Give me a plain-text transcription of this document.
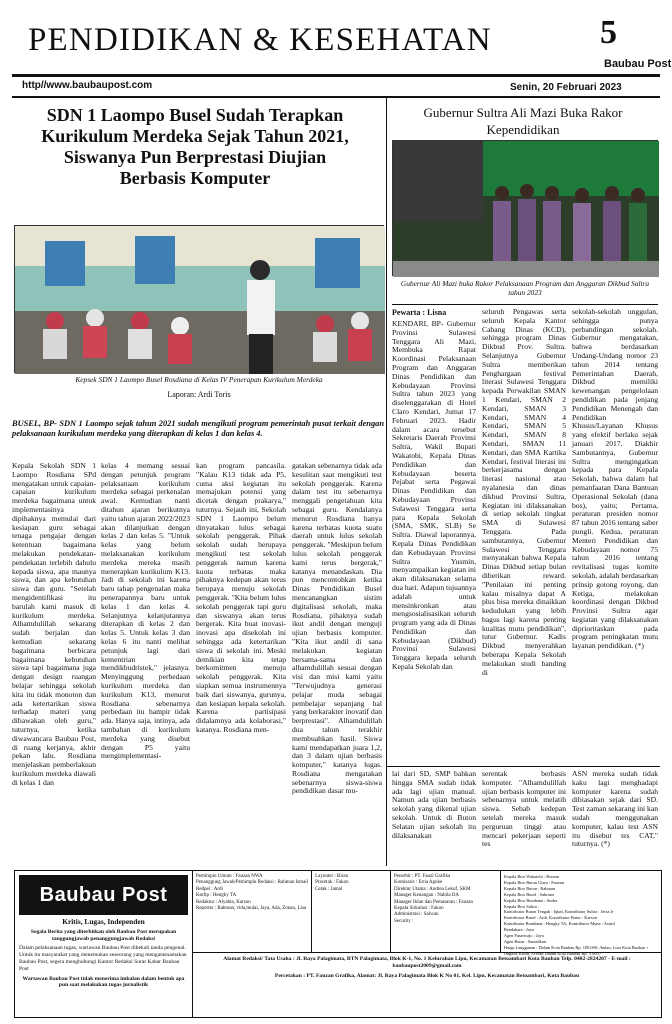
PENDIDIKAN & KESEHATAN	5
Baubau Post
http//www.baubaupost.com	Senin, 20 Februari 2023
SDN 1 Laompo Busel Sudah Terapkan Kurikulum Merdeka Sejak Tahun 2021, Siswanya Pun Berprestasi Diujian Berbasis Komputer
Kepsek SDN 1 Laompo Busel Rosdiana di Kelas IV Penerapan Kurikulum Merdeka
Laporan: Ardi Toris
BUSEL, BP- SDN 1 Laompo sejak tahun 2021 sudah mengikuti program pemerintah pusat terkait dengan pelaksanaan kurikulum merdeka yang diterapkan di kelas 1 dan kelas 4.
Kepala Sekolah SDN 1 Laompo Rosdiana SPd mengatakan untuk capaian-capaian kurikulum merdeka bagaimana untuk implementasinya dipihaknya memulai dari kesiapan guru sebagai tenaga pengajar dengan ketentuan bagaimana melakukan pendekatan-pendekatan terlebih dahulu kepada siswa, apa maunya siswa, dan apa kebutuhan siswa dan guru. "Setelah mengidentifikasi itu barulah kami masuk di kurikulum merdeka. Alhamdulillah sekarang sudah berjalan dan kemudian sekarang bagaimana berbicara bagaimana kebutuhan siswa tapi bagaimana juga dengan design ruangan belajar sehingga sekolah kita itu tidak monoton dan ada ketertarikan siswa terhadap materi yang dibawakan oleh guru," tuturnya, ketika diwawancara Baubau Post, di ruang kerjanya, akhir pekan lalu. Rosdiana menjelaskan pemberlakuan kurikulum merdeka diawali di kelas 1 dan
kelas 4 memang sesuai dengan petunjuk program pelaksanaan kurikulum merdeka sebagai perkenalan awal. Kemudian nanti ditahun ajaran berikutnya yaitu tahun ajaran 2022/2023 akan dilanjutkan dengan kelas 2 dan kelas 5. "Untuk kelas yang belum melaksanakan kurikulum merdeka mereka masih menerapkan kurikulum K13. Jadi di sekolah ini karena baru tahap pengenalan maka penerapannya baru untuk kelas 1 dan kelas 4. Selanjutnya kelanjutannya diterapkan di kelas 2 dan kelas 5. Untuk kelas 3 dan kelas 6 itu nanti melihat petunjuk lagi dari kementrian mendikbudristek," jelasnya. Menyinggung perbedaan kurikulum merdeka dan kurikulum K13, menurut Rosdiana sebenarnya perbedaan itu hampir tidak ada. Hanya saja, intinya, ada tambahan di kurikulum merdeka yang disebut dengan P5 yaitu mengimplementasi-
kan program pancasila. "Kalau K13 tidak ada P5, cuma aksi kegiatan itu memajukan potensi yang dicetak dengan prakarya," tuturnya. Sejauh ini, Sekolah SDN 1 Laompo belum dinyatakan lulus sebagai sekolah penggerak. Pihak sekolah sudah berupaya mengikuti test sekolah penggerak namun karena kuota terbatas maka pihaknya kedepan akan terus berupaya menuju sekolah penggerak. "Kita belum lulus sekolah penggerak tapi guru dan siswanya akan terus bergerak. Kita buat inovasi-inovasi apa disekolah ini sehingga ada ketertarikan siswa di sekolah ini. Meski demikian kita tetap berkomitmen menuju sekolah penggerak. Kita siapkan semua instrumennya baik dari siswanya, gurunya, dan kesiapan kepala sekolah. Karena partisipasi didalamnya ada kolaborasi," katanya. Rosdiana men-
gatakan sebenarnya tidak ada kesulitan saat mengikuti test sekolah penggerak. Karena dalam test itu sebenarnya menggali pengetahuan kita sebagai guru. Kendalanya menurut Rosdiana hanya karena terbatas kuota suatu daerah untuk lulus sekolah penggerak. "Meskipun belum lulus sekolah penggerak kami terus bergerak," katanya menandaskan. Dia pun mencontohkan ketika Dinas Pendidikan Busel mencanangkan sistim digitalisasi sekolah, maka Rosdiana, pihaknya sudah ikut andil dengan menguji ujian berbasis komputer. "Kita ikut andil di sana melakukan kegiatan bersama-sama dan alhamdulillah sesuai dengan visi dan misi kami yaitu "Terwujudnya generasi pelajar muda sebagai pembelajar sepanjang hal yang berkarakter inovatif dan berprestasi". Alhamdulillah dua tahun terakhir membuahkan hasil. Siswa kami mendapatkan juara 1,2, dan 3 dalam ujian berbasis komputer," katanya lugas. Rosdiana mengatakan sebenarnya siswa-siswa pendidikan dasar mu-
Gubernur Sultra Ali Mazi Buka Rakor Kependidikan
Gubernur Ali Mazi buka Rakor Pelaksanaan Program dan Anggaran Dikbud Sultra tahun 2023
Pewarta : Lisna
KENDARI, BP- Gubernur Provinsi Sulawesi Tenggara Ali Mazi, Membuka Rapat Koordinasi Pelaksanaan Program dan Anggaran Dinas Pendidikan dan Kebudayaan Provinsi Sultra tahun 2023 yang diselenggarakan di Hotel Claro Kendari, Jumat 17 Februari 2023. Hadir dalam acara tersebut Sekretaris Daerah Provinsi Sultra, Wakil Bupati Wakatobi, Kepala Dinas Pendidikan dan Kebudayaan beserta Pejabat serta Pegawai Dinas Pendidikan dan Kebudayaan Provinsi Sulawesi Tenggara serta para Kepala Sekolah (SMA, SMK, SLB) Se Sultra. Diawal laporannya, Kepala Dinas Pendidikan dan Kebudayaan Provinsi Sultra Yusmin, menyampaikan kegiatan ini akan dilaksanakan selama dua hari. Adapun tujuannya adalah untuk mensinkronkan atau mengsosialisasikan seluruh program yang ada di Dinas Pendidikan dan Kebudayaan (Dikbud) Provinsi Sulawesi Tenggara kepada seluruh Kepala Sekolah dan
seluruh Pengawas serta seluruh Kepala Kantor Cabang Dinas (KCD), sehingga program Dinas Dikbud Prov. Sultra. Selanjutnya Gubernur Sultra memberikan Penghargaan festival literasi Sulawesi Tenggara kepada Perwakilan SMAN 1 Kendari, SMAN 2 Kendari, SMAN 3 Kendari, SMAN 4 Kendari, SMAN 5 Kendari, SMAN 8 Kendari, SMAN 11 Kendari, dan SMA Kartika Kendari, festival literasi ini berkerjasama dengan literasi nasional atau nyalanesia dan dinas dikbud Provinsi Sultra, Kegiatan ini dilaksanakan di setiap sekolah tingkat SMA di Sulawesi Tenggara. Pada sambutannya, Gubernur Sulawesi Tenggara menyatakan bahwa Kepala Dinas Dikbud setiap bulan diberikan reward. "Penilaian ini penting kalau misalnya dapat A plus bisa mereka dinaikkan kedudukan yang lebih bagus lagi karena penting kualitas mutu pendidikan", tutur Gubernur. Kadis Dikbud menyerahkan beberapa Kepala Sekolah melakukan studi banding di
sekolah-sekolah unggulan, sehingga punya perbandingan sekolah. Gubernur mengatakan, bahwa berdasarkan Undang-Undang nomor 23 tahun 2014 tentang Pemerintahan Daerah, Dikbud memiliki kewenangan pengelolaan pendidikan pada jenjang Pendidikan Menengah dan Pendidikan Khusus/Layanan Khusus yang efektif berlaku sejak januari 2017. Diakhir Sambutannya, Gubernur Sultra mengingatkan kepada para Kepala Sekolah, bahwa dalam hal pemanfaatan Dana Bantuan Operasional Sekolah (dana bos), yaitu; Pertama, peraturan presiden nomor 87 tahun 2016 tentang saber pungli. Kedua, peraturan Menteri Pendidikan dan Kebudayaan nomor 75 tahun 2016 tentang revitalisasi tugas komite sekolah, adalah berdasarkan prinsip gotong royong, dan Ketiga, melakukan koordinasi dengan Dikbud Provinsi Sultra agar kegiatan yang dilaksanakan diprioritaskan pada program peningkatan mutu layanan pendidikan. (*)
lai dari SD, SMP bahkan hingga SMA sudah tidak ada lagi ujian manual. Namun ada ujian berbasis sekolah yang dikenal ujian sekolah. Untuk di Buton Selatan ujian sekolah itu dilaksanakan
serentak berbasis komputer. "Alhamdulillah ujian berbasis komputer ini sebenarnya untuk melatih siswa. Sebab kedepan setelah mereka masuk perguruan tinggi atau mencari pekerjaan seperti tes
ASN mereka sudah tidak kaku lagi menghadapi komputer karena sudah dibiasakan sejak dari SD. Test zaman sekarang ini kan sudah menggunakan komputer, kalau test ASN itu disebut tes CAT," tuturnya. (*)
Baubau Post
Kritis, Lugas, Independen
Segala Berita yang diterbitkan oleh Baubau Post merupakan tanggungjawab penanggungjawab Redaksi
Dalam pelaksanaan tugas, wartawan Baubau Post dibekali tanda pengenal. Untuk itu masyarakat yang menemukan seseorang yang mengatasnamakan Baubau Post, segera menghubungi Kantor Redaksi Surat Kabar Baubau Post
Wartawan Baubau Post tidak menerima imbalan dalam bentuk apa pun saat melakukan tugas jurnalistik
Pemimpin Umum : Fauzan NWA
Penanggung Jawab/Pemimpin Redaksi : Rahman Ismail
Redpel : Ardi
Korlip : Hengky TA
Redaktur : Alyahta, Karson
Reporter : Rahman, vida,mulai, Jaya, Ada, Zonan, Lisa
Layouter : Biran
Pracetak : Fakon
Cetak : Jamal
Penerbit : PT. Fauzi Grafika
Komisaris : Erna Agoke
Direktur Utama : Andrea Lekof, SKM
Manager Keuangan : Nabila DA
Manager Iklan dan Pemasaran : Fauzan
Kepala Sirkulasi : Fakon
Administrasi : Salwan
Security :
Kepala Biro Wakatobi : Roman
Kepala Biro Buton Utara : Fauzan
Kepala Biro Buton : Rahman
Kepala Biro Busel : Sabrana
Kepala Biro Bombana : Andra
Kepala Biro Sultra :
Kontributor Buton Tengah : Iqbal, Kontributor Sultra : Jersa Jr
Kontributor Busel : Ardi, Kontributor Butur : Karson
Kontributor Bombana : Hengky TA, Kontributor Muna : Astrid
Bendahara : Jaya
Agen Pasarwajo : Jaya
Agen Butur : Samrilkan
Harga Langganan : Dalam Kota Baubau Rp. 100.000,-/bulan, Luar Kota Baubau + Ongkos Kirim, Eceran Dalam Kota Baubau Rp. 5.000,-
Alamat Redaksi/ Tata Usaha : Jl. Raya Palagimata, BTN Palagimata, Blok K-1, No. 1 Kelurahan Lipu, Kecamatan Betoambari Kota Baubau Telp. 0402-2824207 - E-mail : baubaupost2009@gmail.com
Percetakan : PT. Fauzan Grafika, Alamat: Jl. Raya Palagimata Blok K No 01, Kel. Lipu, Kecamatan Betoambari, Kota Baubau
